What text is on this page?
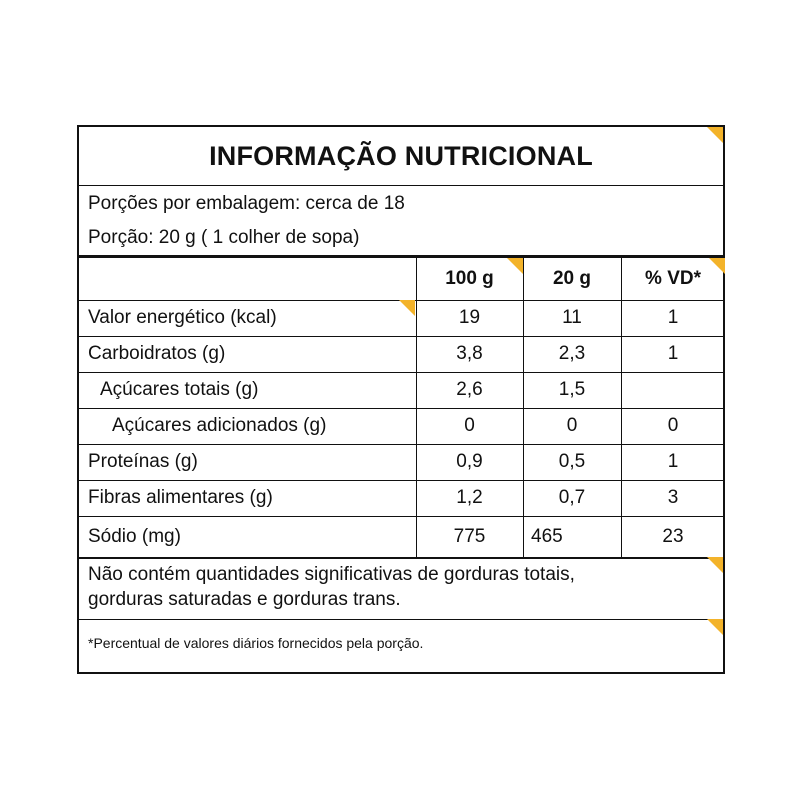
INFORMAÇÃO NUTRICIONAL
Porções por embalagem: cerca de 18
Porção: 20 g ( 1 colher de sopa)
100 g	20 g	% VD*
Valor energético (kcal)	19	11	1
Carboidratos (g)	3,8	2,3	1
Açúcares totais (g)	2,6	1,5
Açúcares adicionados (g)	0	0	0
Proteínas (g)	0,9	0,5	1
Fibras alimentares (g)	1,2	0,7	3
Sódio (mg)	775	465	23
Não contém quantidades significativas de gorduras totais,
gorduras saturadas e gorduras trans.
*Percentual de valores diários fornecidos pela porção.
